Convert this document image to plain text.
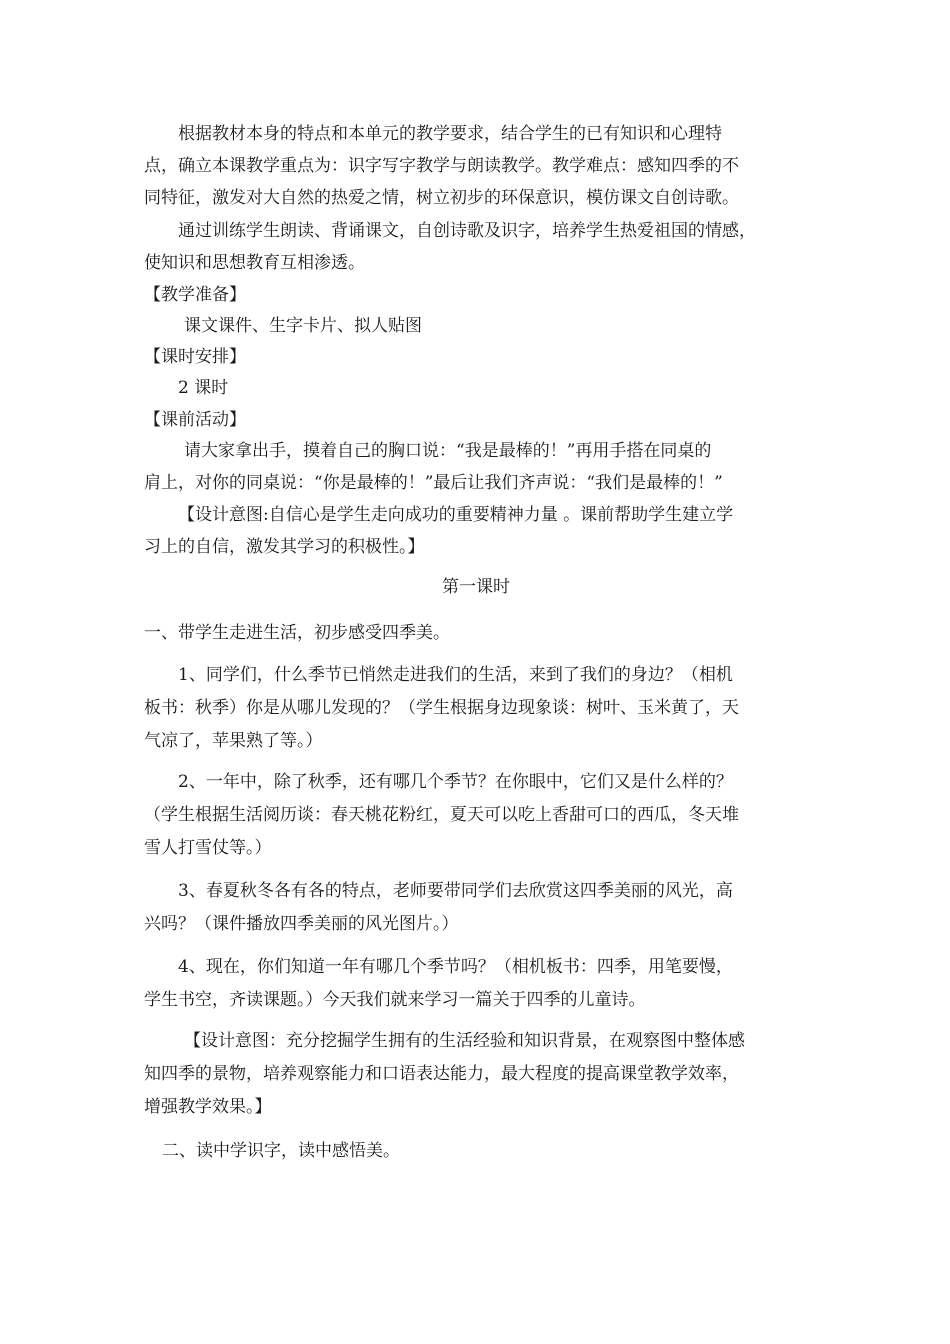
根据教材本身的特点和本单元的教学要求，结合学生的已有知识和心理特
点，确立本课教学重点为：识字写字教学与朗读教学。教学难点：感知四季的不
同特征，激发对大自然的热爱之情，树立初步的环保意识，模仿课文自创诗歌。
通过训练学生朗读、背诵课文，自创诗歌及识字，培养学生热爱祖国的情感，
使知识和思想教育互相渗透。
【教学准备】
课文课件、生字卡片、拟人贴图
【课时安排】
2 课时
【课前活动】
请大家拿出手，摸着自己的胸口说：“我是最棒的！”再用手搭在同桌的
肩上，对你的同桌说：“你是最棒的！”最后让我们齐声说：“我们是最棒的！”
【设计意图:自信心是学生走向成功的重要精神力量 。课前帮助学生建立学
习上的自信，激发其学习的积极性。】
第一课时
一、带学生走进生活，初步感受四季美。
1、同学们，什么季节已悄然走进我们的生活，来到了我们的身边？（相机
板书：秋季）你是从哪儿发现的？（学生根据身边现象谈：树叶、玉米黄了，天
气凉了，苹果熟了等。）
2、一年中，除了秋季，还有哪几个季节？在你眼中，它们又是什么样的？
（学生根据生活阅历谈：春天桃花粉红，夏天可以吃上香甜可口的西瓜，冬天堆
雪人打雪仗等。）
3、春夏秋冬各有各的特点，老师要带同学们去欣赏这四季美丽的风光，高
兴吗？（课件播放四季美丽的风光图片。）
4、现在，你们知道一年有哪几个季节吗？（相机板书：四季，用笔要慢，
学生书空，齐读课题。）今天我们就来学习一篇关于四季的儿童诗。
【设计意图：充分挖掘学生拥有的生活经验和知识背景，在观察图中整体感
知四季的景物，培养观察能力和口语表达能力，最大程度的提高课堂教学效率，
增强教学效果。】
二、读中学识字，读中感悟美。
